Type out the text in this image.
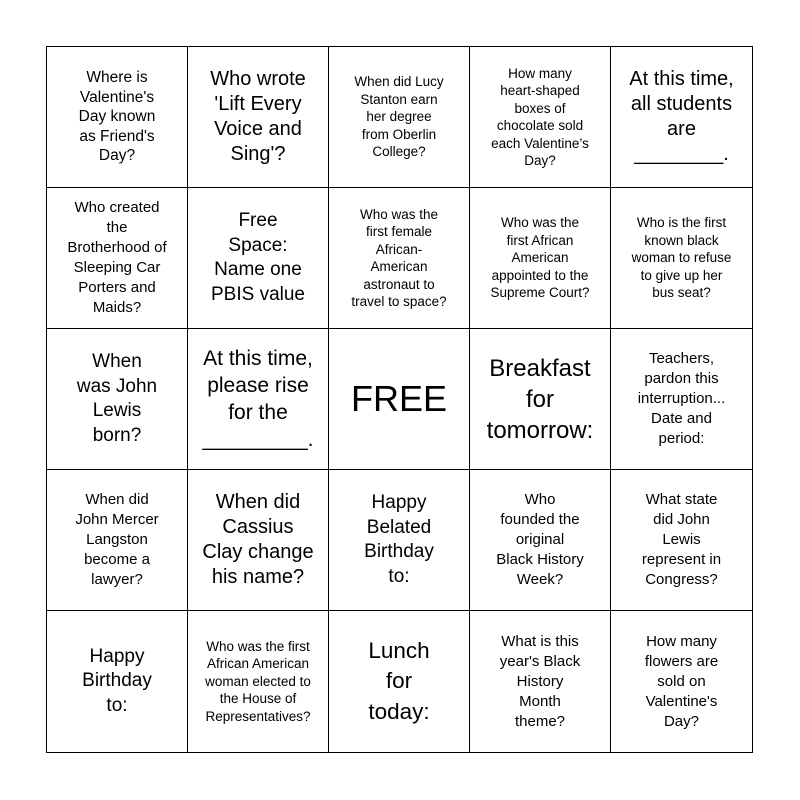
Where is
Valentine's
Day known
as Friend's
Day?
Who wrote
'Lift Every
Voice and
Sing'?
When did Lucy
Stanton earn
her degree
from Oberlin
College?
How many
heart-shaped
boxes of
chocolate sold
each Valentine’s
Day?
At this time,
all students
are
________.
Who created
the
Brotherhood of
Sleeping Car
Porters and
Maids?
Free
Space:
Name one
PBIS value
Who was the
first female
African-
American
astronaut to
travel to space?
Who was the
first African
American
appointed to the
Supreme Court?
Who is the first
known black
woman to refuse
to give up her
bus seat?
When
was John
Lewis
born?
At this time,
please rise
for the
_________.
FREE
Breakfast
for
tomorrow:
Teachers,
pardon this
interruption...
Date and
period:
When did
John Mercer
Langston
become a
lawyer?
When did
Cassius
Clay change
his name?
Happy
Belated
Birthday
to:
Who
founded the
original
Black History
Week?
What state
did John
Lewis
represent in
Congress?
Happy
Birthday
to:
Who was the first
African American
woman elected to
the House of
Representatives?
Lunch
for
today:
What is this
year's Black
History
Month
theme?
How many
flowers are
sold on
Valentine's
Day?
